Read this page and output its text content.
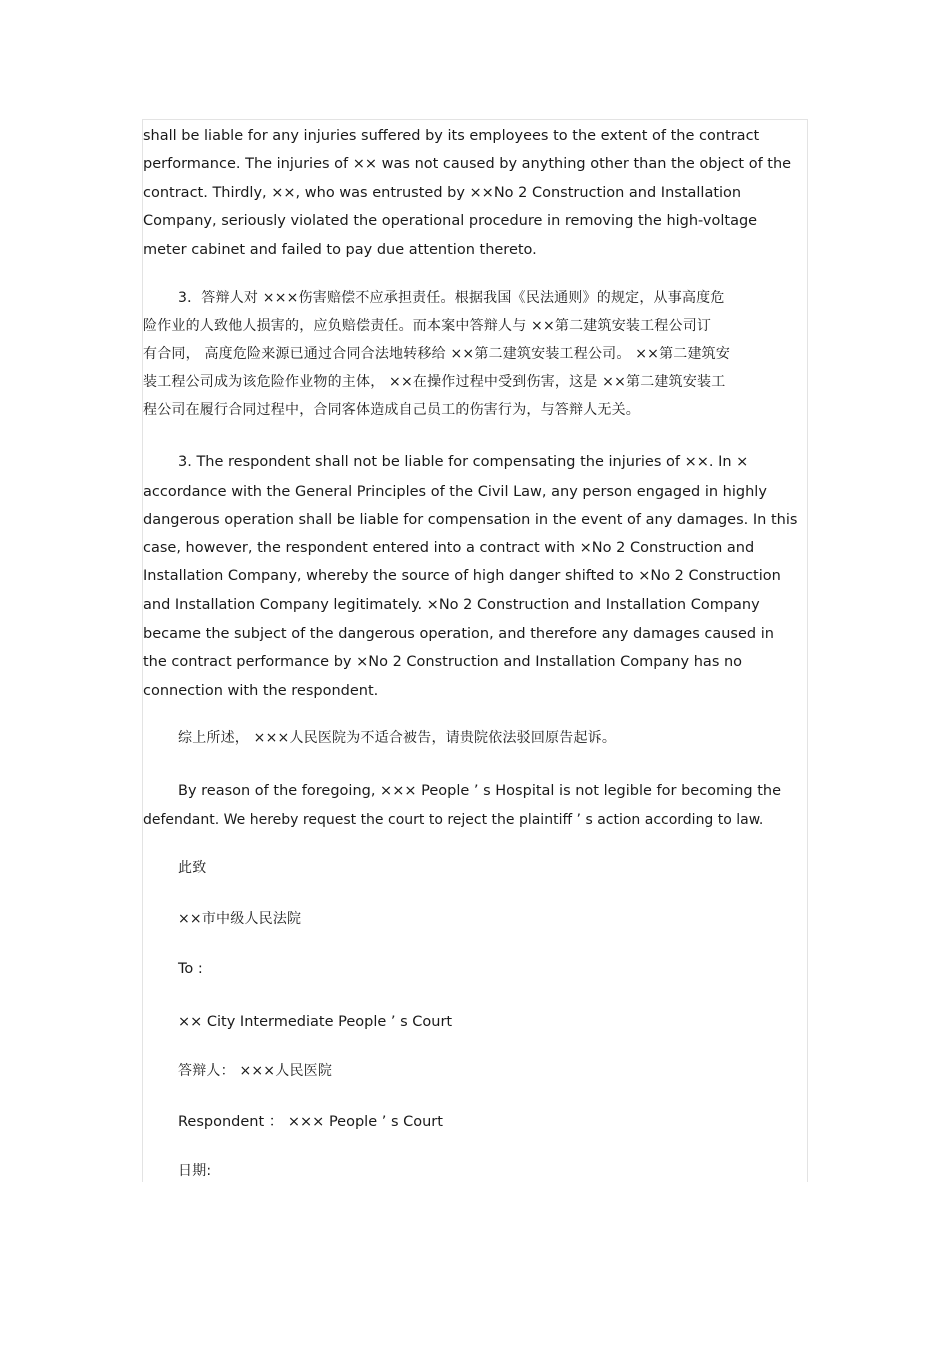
shall be liable for any injuries suffered by its employees to the extent of the contract
performance. The injuries of ×× was not caused by anything other than the object of the
contract. Thirdly, ××, who was entrusted by ××No 2 Construction and Installation
Company, seriously violated the operational procedure in removing the high-voltage
meter cabinet and failed to pay due attention thereto.
3．答辩人对 ×××伤害赔偿不应承担责任。根据我国《民法通则》的规定，从事高度危
险作业的人致他人损害的，应负赔偿责任。而本案中答辩人与 ××第二建筑安装工程公司订
有合同， 高度危险来源已通过合同合法地转移给 ××第二建筑安装工程公司。 ××第二建筑安
装工程公司成为该危险作业物的主体， ××在操作过程中受到伤害，这是 ××第二建筑安装工
程公司在履行合同过程中，合同客体造成自己员工的伤害行为，与答辩人无关。
3. The respondent shall not be liable for compensating the injuries of ××. In ×
accordance with the General Principles of the Civil Law, any person engaged in highly
dangerous operation shall be liable for compensation in the event of any damages. In this
case, however, the respondent entered into a contract with ×No 2 Construction and
Installation Company, whereby the source of high danger shifted to ×No 2 Construction
and Installation Company legitimately. ×No 2 Construction and Installation Company
became the subject of the dangerous operation, and therefore any damages caused in
the contract performance by ×No 2 Construction and Installation Company has no
connection with the respondent.
综上所述， ×××人民医院为不适合被告，请贵院依法驳回原告起诉。
By reason of the foregoing, ××× People ’ s Hospital is not legible for becoming the
defendant. We hereby request the court to reject the plaintiff ’ s action according to law.
此致
××市中级人民法院
To :
×× City Intermediate People ’ s Court
答辩人： ×××人民医院
Respondent ： ××× People ’ s Court
日期:
